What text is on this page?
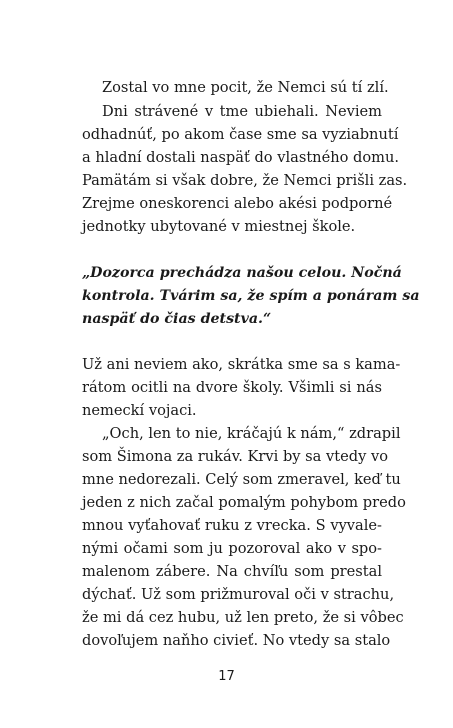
Zostal vo mne pocit, že Nemci sú tí zlí.
Dni strávené v tme ubiehali. Neviem
odhadnúť, po akom čase sme sa vyziabnutí
a hladní dostali naspäť do vlastného domu.
Pamätám si však dobre, že Nemci prišli zas.
Zrejme oneskorenci alebo akési podporné
jednotky ubytované v miestnej škole.
„Dozorca prechádza našou celou. Nočná
kontrola. Tvárim sa, že spím a ponáram sa
naspäť do čias detstva.“
Už ani neviem ako, skrátka sme sa s kama-
rátom ocitli na dvore školy. Všimli si nás
nemeckí vojaci.
„Och, len to nie, kráčajú k nám,“ zdrapil
som Šimona za rukáv. Krvi by sa vtedy vo
mne nedorezali. Celý som zmeravel, keď tu
jeden z nich začal pomalým pohybom predo
mnou vyťahovať ruku z vrecka. S vyvale-
nými očami som ju pozoroval ako v spo-
malenom zábere. Na chvíľu som prestal
dýchať. Už som prižmuroval oči v strachu,
že mi dá cez hubu, už len preto, že si vôbec
dovoľujem naňho civieť. No vtedy sa stalo
17
